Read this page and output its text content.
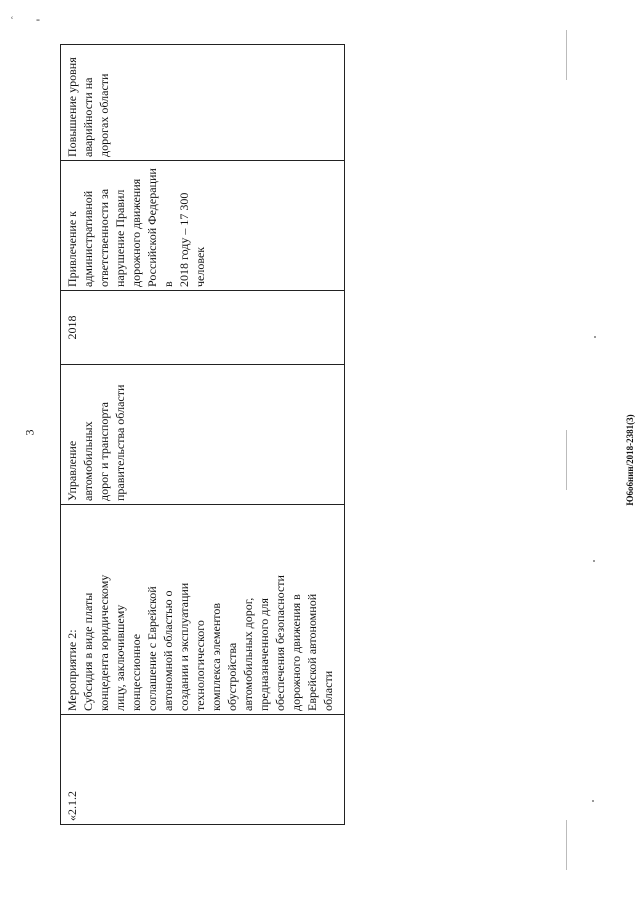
ʿ -
3
«2.1.2

Мероприятие 2:
Субсидия в виде платы
концедента юридическому
лицу, заключившему
концессионное
соглашение с Еврейской
автономной областью о
создании и эксплуатации
технологического
комплекса элементов
обустройства
автомобильных дорог,
предназначенного для
обеспечения безопасности
дорожного движения в
Еврейской автономной
области

Управление автомобильных
дорог и транспорта
правительства области

2018

Привлечение к
административной
ответственности за
нарушение Правил
дорожного движения
Российской Федерации
в
2018 году – 17 300
человек

Повышение уровня
аварийности на
дорогах области

Ю6о6нин/2018-2381(3)
